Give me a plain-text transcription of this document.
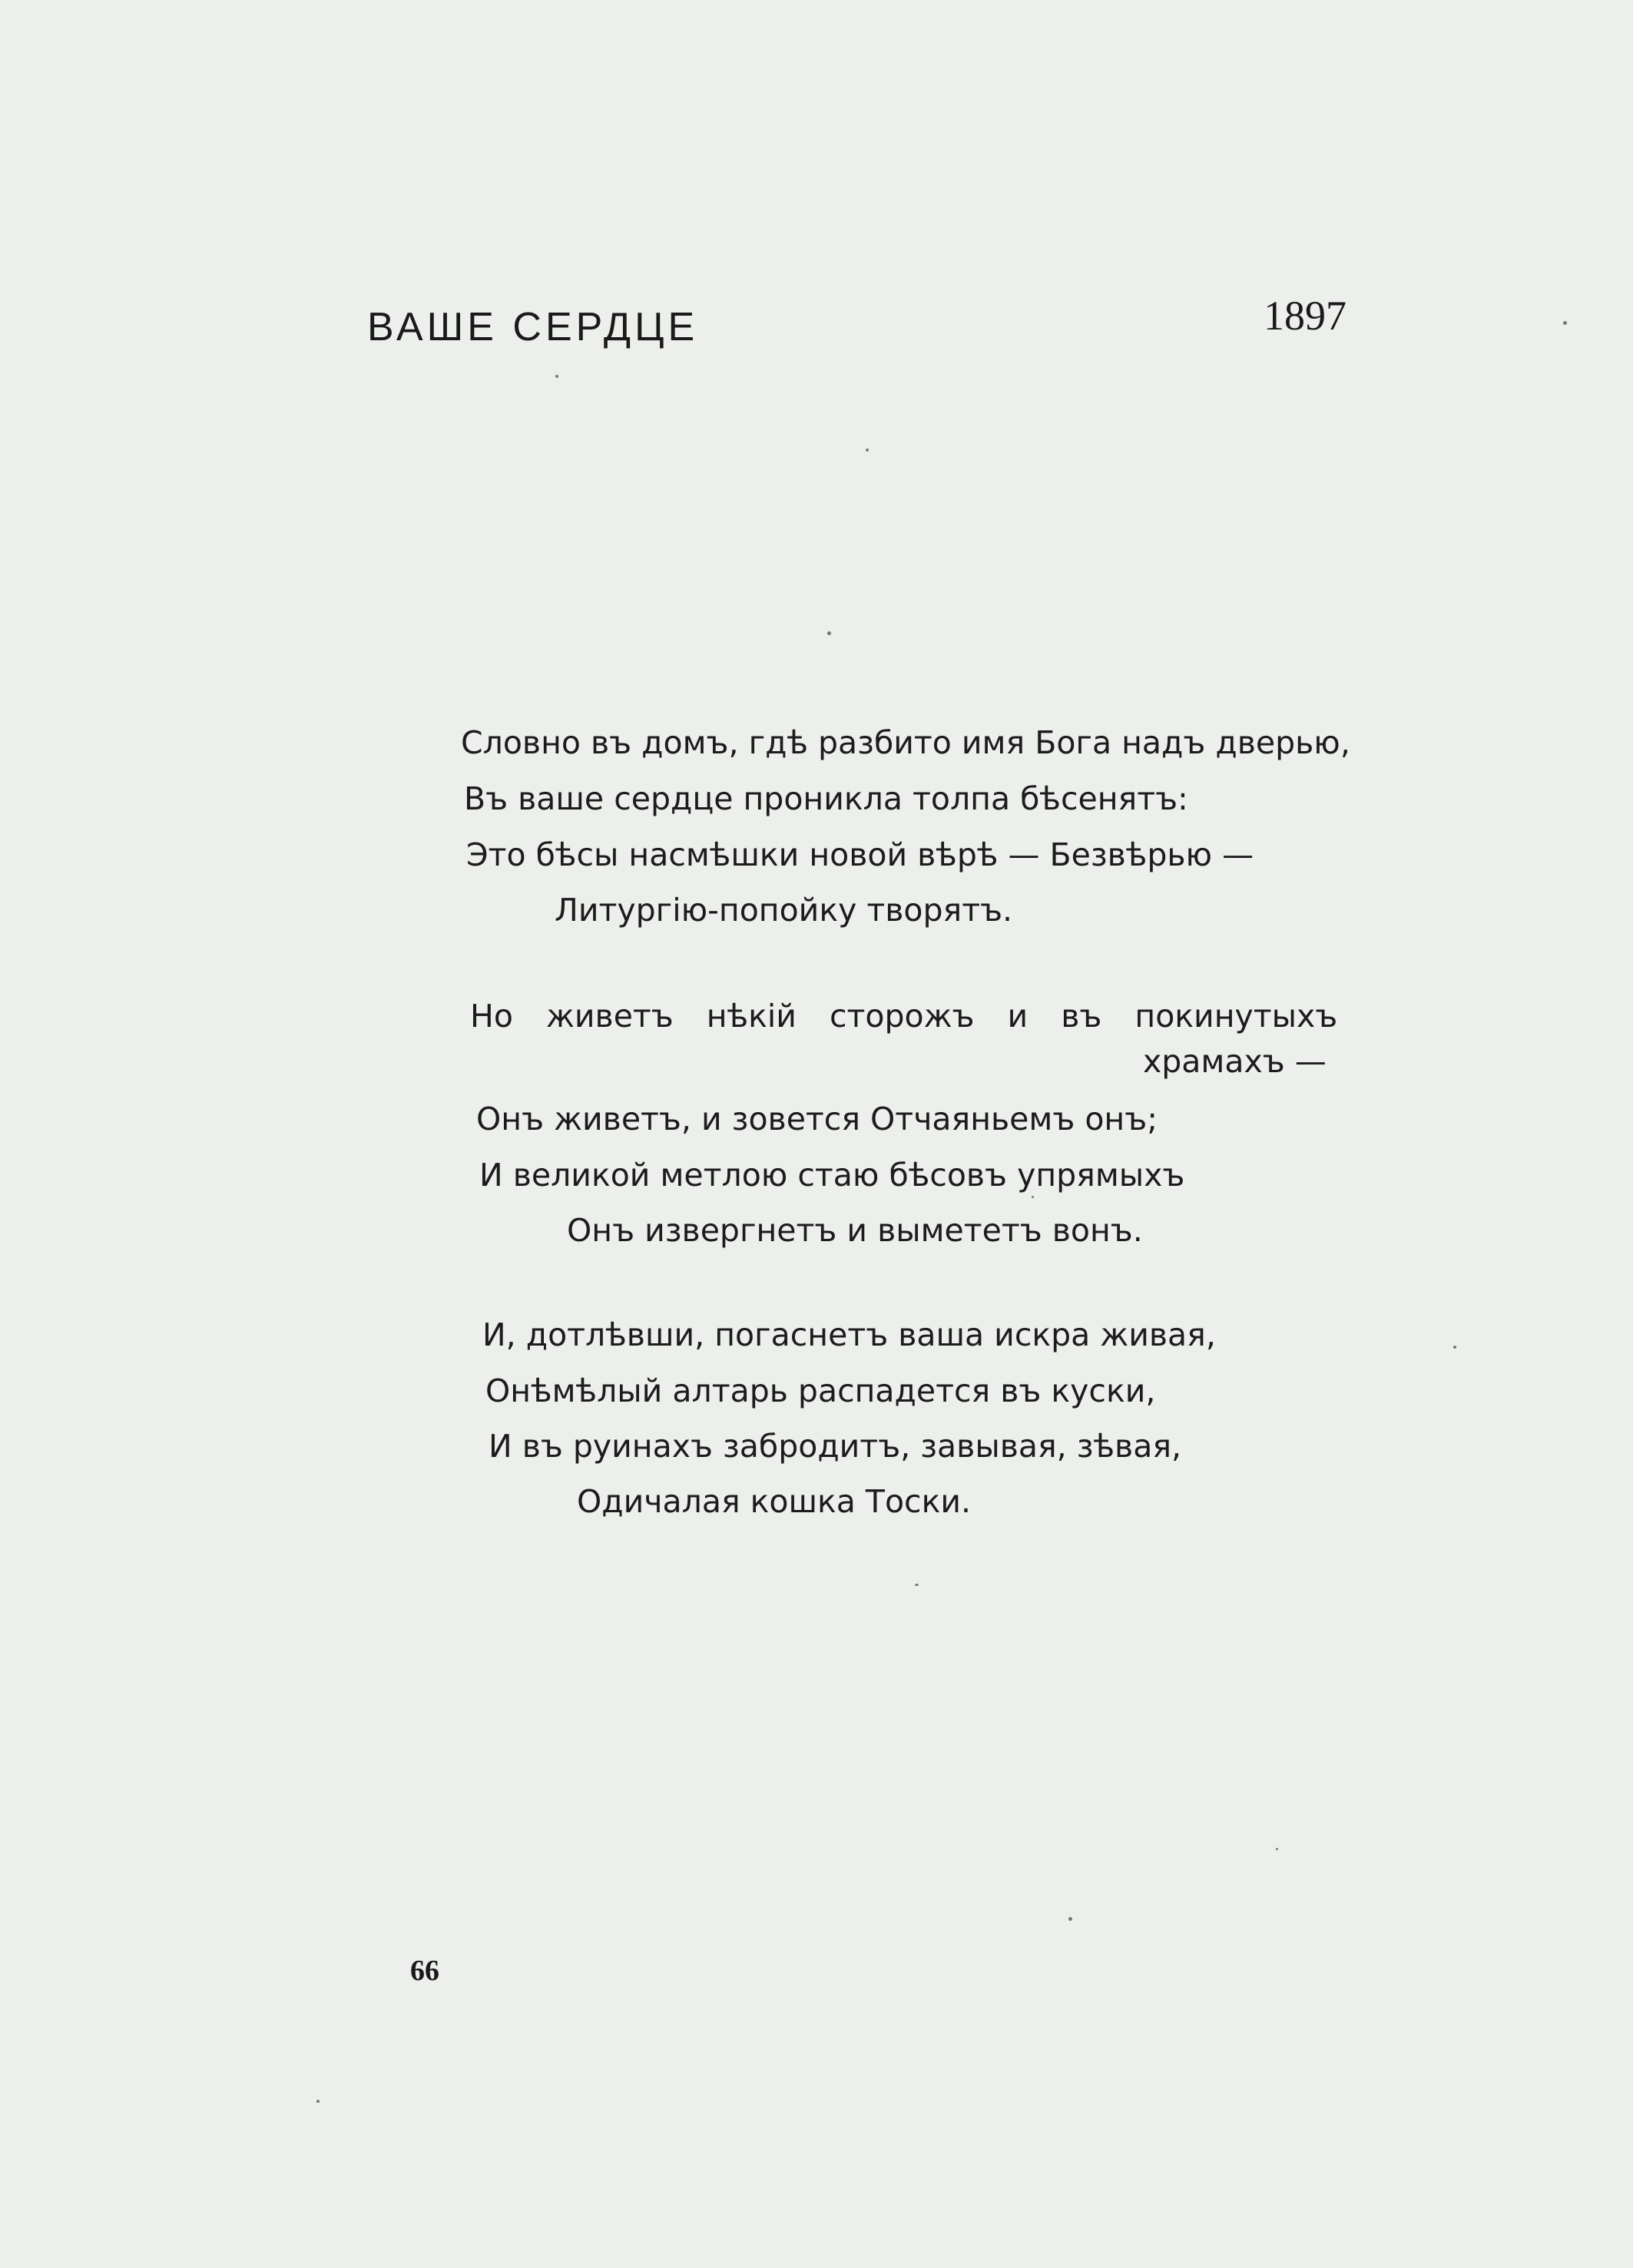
ВАШЕ СЕРДЦЕ	1897
Словно въ домъ, гдѣ разбито имя Бога надъ дверью,
Въ ваше сердце проникла толпа бѣсенятъ:
Это бѣсы насмѣшки новой вѣрѣ — Безвѣрью —
Литургію-попойку творятъ.
Но живетъ нѣкій сторожъ и въ покинутыхъ
храмахъ —
Онъ живетъ, и зовется Отчаяньемъ онъ;
И великой метлою стаю бѣсовъ упрямыхъ
Онъ извергнетъ и вымететъ вонъ.
И, дотлѣвши, погаснетъ ваша искра живая,
Онѣмѣлый алтарь распадется въ куски,
И въ руинахъ забродитъ, завывая, зѣвая,
Одичалая кошка Тоски.
66
